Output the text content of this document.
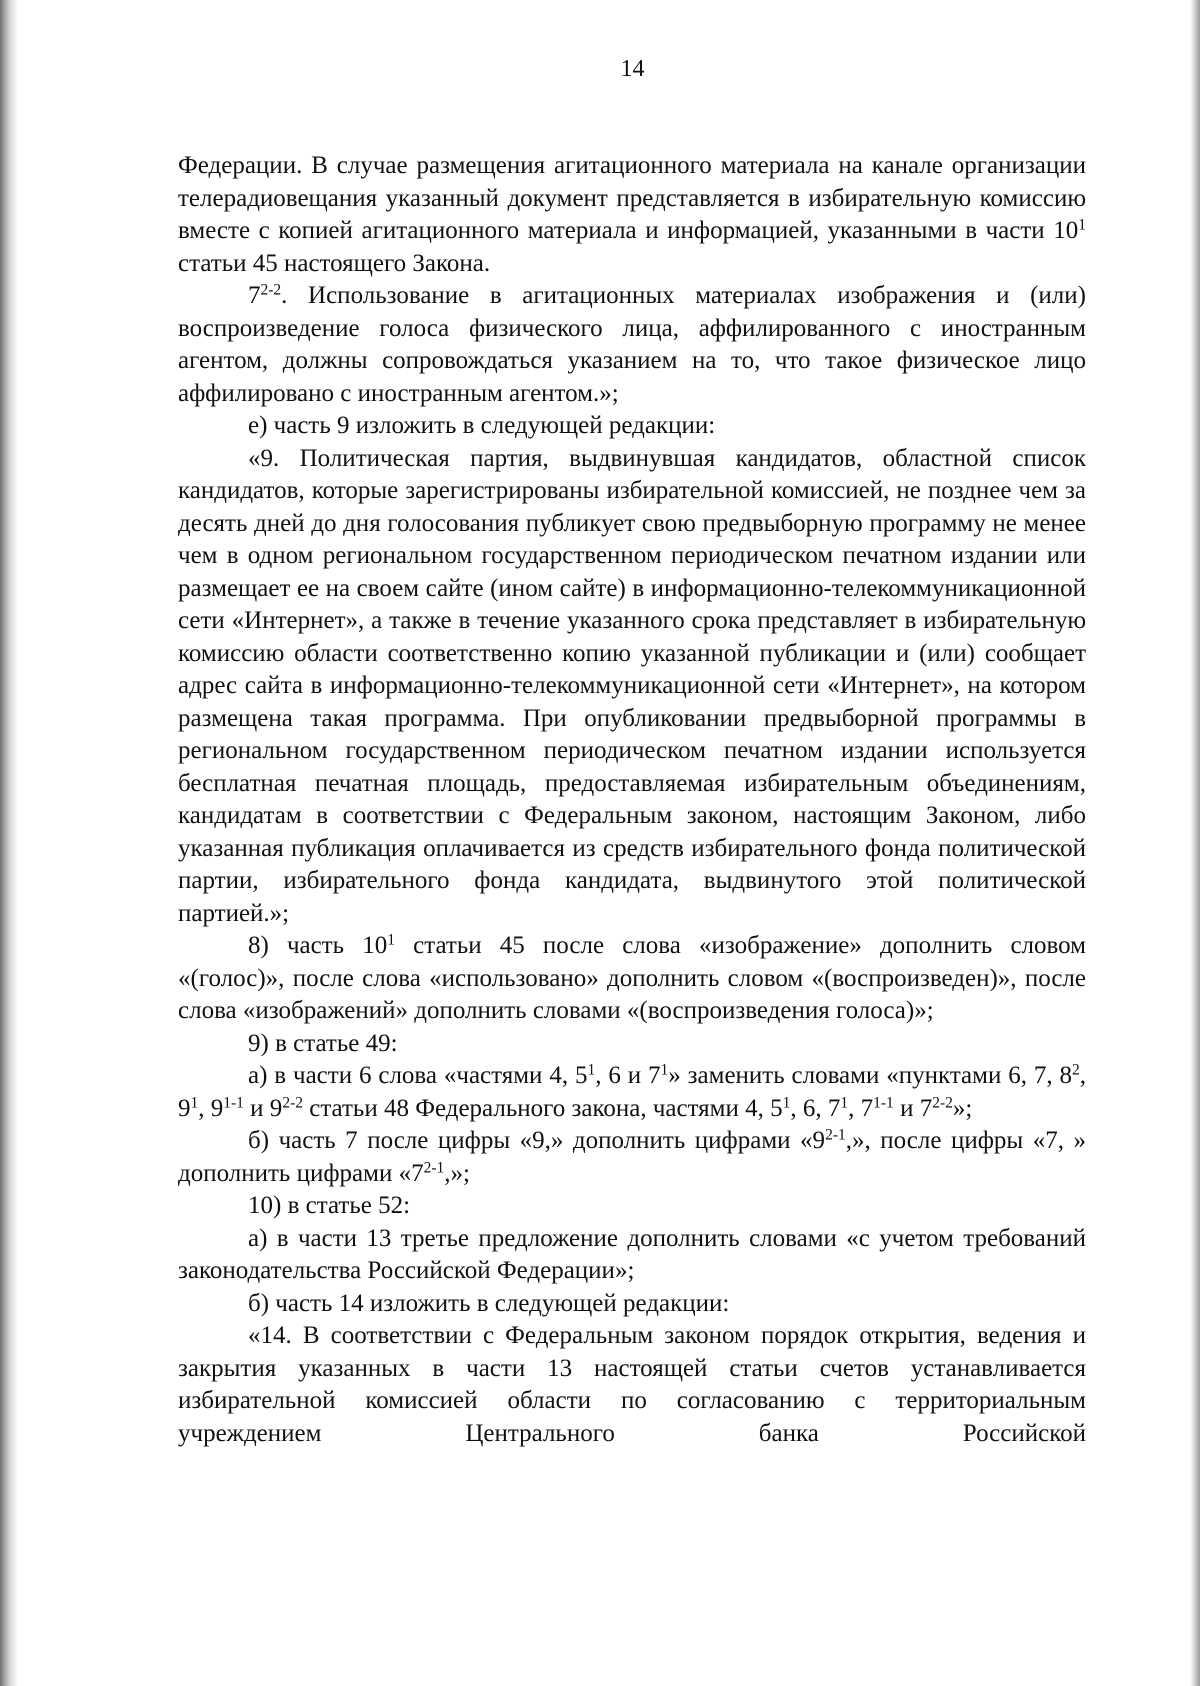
14

Федерации. В случае размещения агитационного материала на канале организации телерадиовещания указанный документ представляется в избирательную комиссию вместе с копией агитационного материала и информацией, указанными в части $10^1$ статьи 45 настоящего Закона.

7$^{2-2}$. Использование в агитационных материалах изображения и (или) воспроизведение голоса физического лица, аффилированного с иностранным агентом, должны сопровождаться указанием на то, что такое физическое лицо аффилировано с иностранным агентом.»;

е) часть 9 изложить в следующей редакции:

«9. Политическая партия, выдвинувшая кандидатов, областной список кандидатов, которые зарегистрированы избирательной комиссией, не позднее чем за десять дней до дня голосования публикует свою предвыборную программу не менее чем в одном региональном государственном периодическом печатном издании или размещает ее на своем сайте (ином сайте) в информационно-телекоммуникационной сети «Интернет», а также в течение указанного срока представляет в избирательную комиссию области соответственно копию указанной публикации и (или) сообщает адрес сайта в информационно-телекоммуникационной сети «Интернет», на котором размещена такая программа. При опубликовании предвыборной программы в региональном государственном периодическом печатном издании используется бесплатная печатная площадь, предоставляемая избирательным объединениям, кандидатам в соответствии с Федеральным законом, настоящим Законом, либо указанная публикация оплачивается из средств избирательного фонда политической партии, избирательного фонда кандидата, выдвинутого этой политической партией.»;

8) часть $10^1$ статьи 45 после слова «изображение» дополнить словом «(голос)», после слова «использовано» дополнить словом «(воспроизведен)», после слова «изображений» дополнить словами «(воспроизведения голоса)»;

9) в статье 49:

а) в части 6 слова «частями 4, $5^1$, 6 и $7^1$» заменить словами «пунктами 6, 7, $8^2$, $9^1$, 9$^{1-1}$ и 9$^{2-2}$ статьи 48 Федерального закона, частями 4, $5^1$, 6, $7^1$, 7$^{1-1}$ и 7$^{2-2}$»;

б) часть 7 после цифры «9,» дополнить цифрами «9$^{2-1}$,», после цифры «7, » дополнить цифрами «7$^{2-1}$,»;

10) в статье 52:

а) в части 13 третье предложение дополнить словами «с учетом требований законодательства Российской Федерации»;

б) часть 14 изложить в следующей редакции:

«14. В соответствии с Федеральным законом порядок открытия, ведения и закрытия указанных в части 13 настоящей статьи счетов устанавливается избирательной комиссией области по согласованию с территориальным учреждением Центрального банка Российской
